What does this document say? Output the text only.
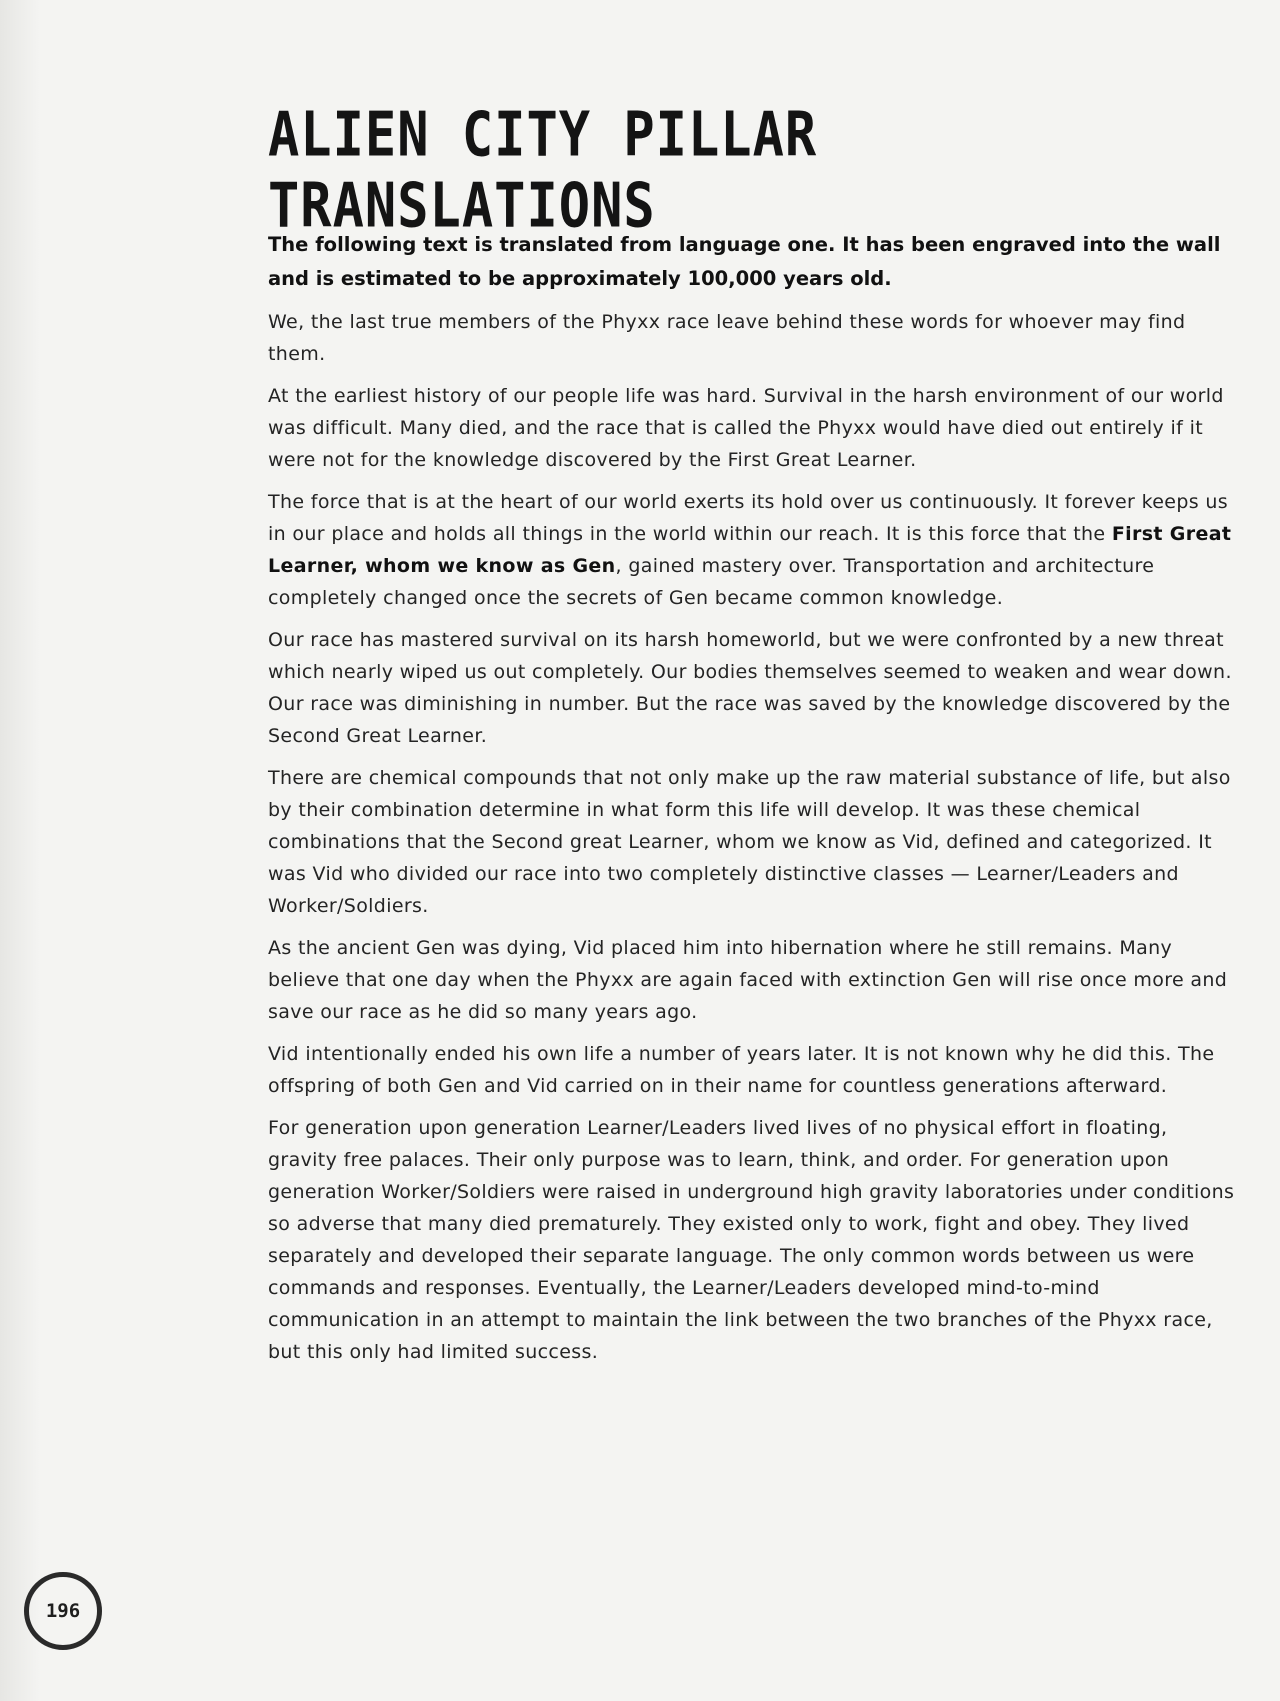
ALIEN CITY PILLAR TRANSLATIONS

The following text is translated from language one. It has been engraved into the wall and is estimated to be approximately 100,000 years old.

We, the last true members of the Phyxx race leave behind these words for whoever may find them.

At the earliest history of our people life was hard. Survival in the harsh environment of our world was difficult. Many died, and the race that is called the Phyxx would have died out entirely if it were not for the knowledge discovered by the First Great Learner.

The force that is at the heart of our world exerts its hold over us continuously. It forever keeps us in our place and holds all things in the world within our reach. It is this force that the First Great Learner, whom we know as Gen, gained mastery over. Transportation and architecture completely changed once the secrets of Gen became common knowledge.

Our race has mastered survival on its harsh homeworld, but we were confronted by a new threat which nearly wiped us out completely. Our bodies themselves seemed to weaken and wear down. Our race was diminishing in number. But the race was saved by the knowledge discovered by the Second Great Learner.

There are chemical compounds that not only make up the raw material substance of life, but also by their combination determine in what form this life will develop. It was these chemical combinations that the Second great Learner, whom we know as Vid, defined and categorized. It was Vid who divided our race into two completely distinctive classes — Learner/Leaders and Worker/Soldiers.

As the ancient Gen was dying, Vid placed him into hibernation where he still remains. Many believe that one day when the Phyxx are again faced with extinction Gen will rise once more and save our race as he did so many years ago.

Vid intentionally ended his own life a number of years later. It is not known why he did this. The offspring of both Gen and Vid carried on in their name for countless generations afterward.

For generation upon generation Learner/Leaders lived lives of no physical effort in floating, gravity free palaces. Their only purpose was to learn, think, and order. For generation upon generation Worker/Soldiers were raised in underground high gravity laboratories under conditions so adverse that many died prematurely. They existed only to work, fight and obey. They lived separately and developed their separate language. The only common words between us were commands and responses. Eventually, the Learner/Leaders developed mind-to-mind communication in an attempt to maintain the link between the two branches of the Phyxx race, but this only had limited success.

196
